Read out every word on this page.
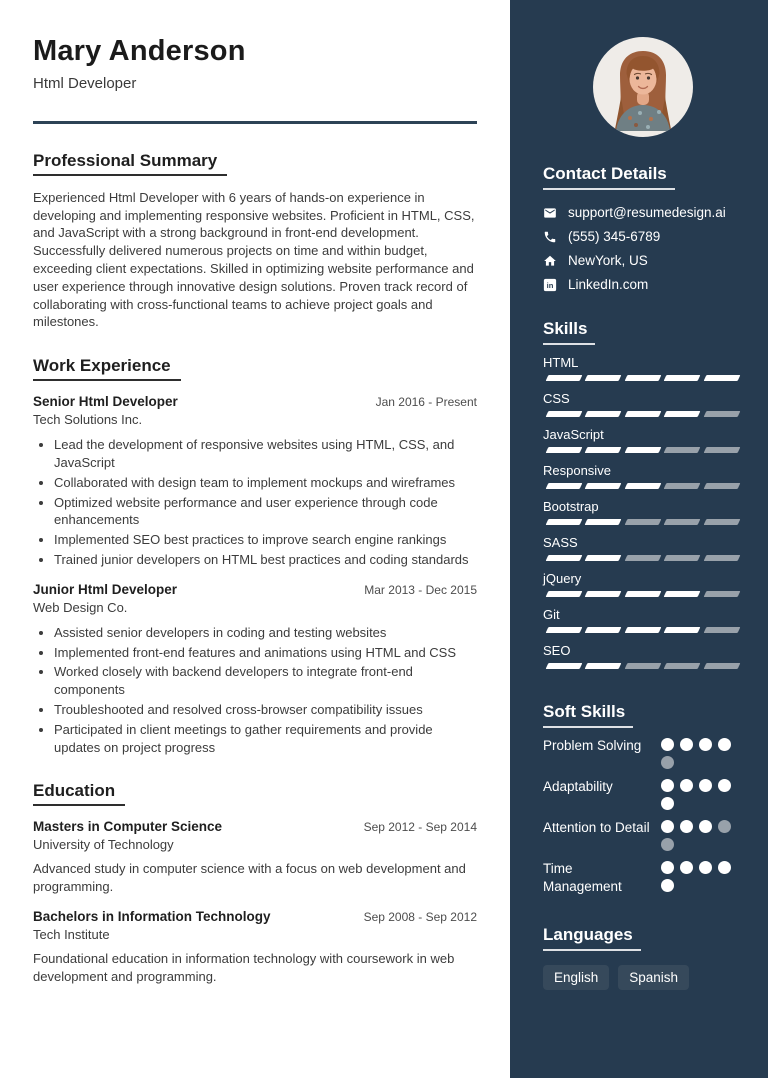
Mary Anderson
Html Developer
Professional Summary

Experienced Html Developer with 6 years of hands-on experience in developing and implementing responsive websites. Proficient in HTML, CSS, and JavaScript with a strong background in front-end development. Successfully delivered numerous projects on time and within budget, exceeding client expectations. Skilled in optimizing website performance and user experience through innovative design solutions. Proven track record of collaborating with cross-functional teams to achieve project goals and milestones.

Work Experience
Senior Html Developer	Jan 2016 - Present
Tech Solutions Inc.
• Lead the development of responsive websites using HTML, CSS, and JavaScript
• Collaborated with design team to implement mockups and wireframes
• Optimized website performance and user experience through code enhancements
• Implemented SEO best practices to improve search engine rankings
• Trained junior developers on HTML best practices and coding standards
Junior Html Developer	Mar 2013 - Dec 2015
Web Design Co.
• Assisted senior developers in coding and testing websites
• Implemented front-end features and animations using HTML and CSS
• Worked closely with backend developers to integrate front-end components
• Troubleshooted and resolved cross-browser compatibility issues
• Participated in client meetings to gather requirements and provide updates on project progress
Education
Masters in Computer Science	Sep 2012 - Sep 2014
University of Technology

Advanced study in computer science with a focus on web development and programming.

Bachelors in Information Technology	Sep 2008 - Sep 2012
Tech Institute

Foundational education in information technology with coursework in web development and programming.

Contact Details
support@resumedesign.ai
(555) 345-6789
NewYork, US
in LinkedIn.com
Skills
HTML
CSS
JavaScript
Responsive
Bootstrap
SASS
jQuery
Git
SEO
Soft Skills
Problem Solving
Adaptability
Attention to Detail
Time Management
Languages
English	Spanish
